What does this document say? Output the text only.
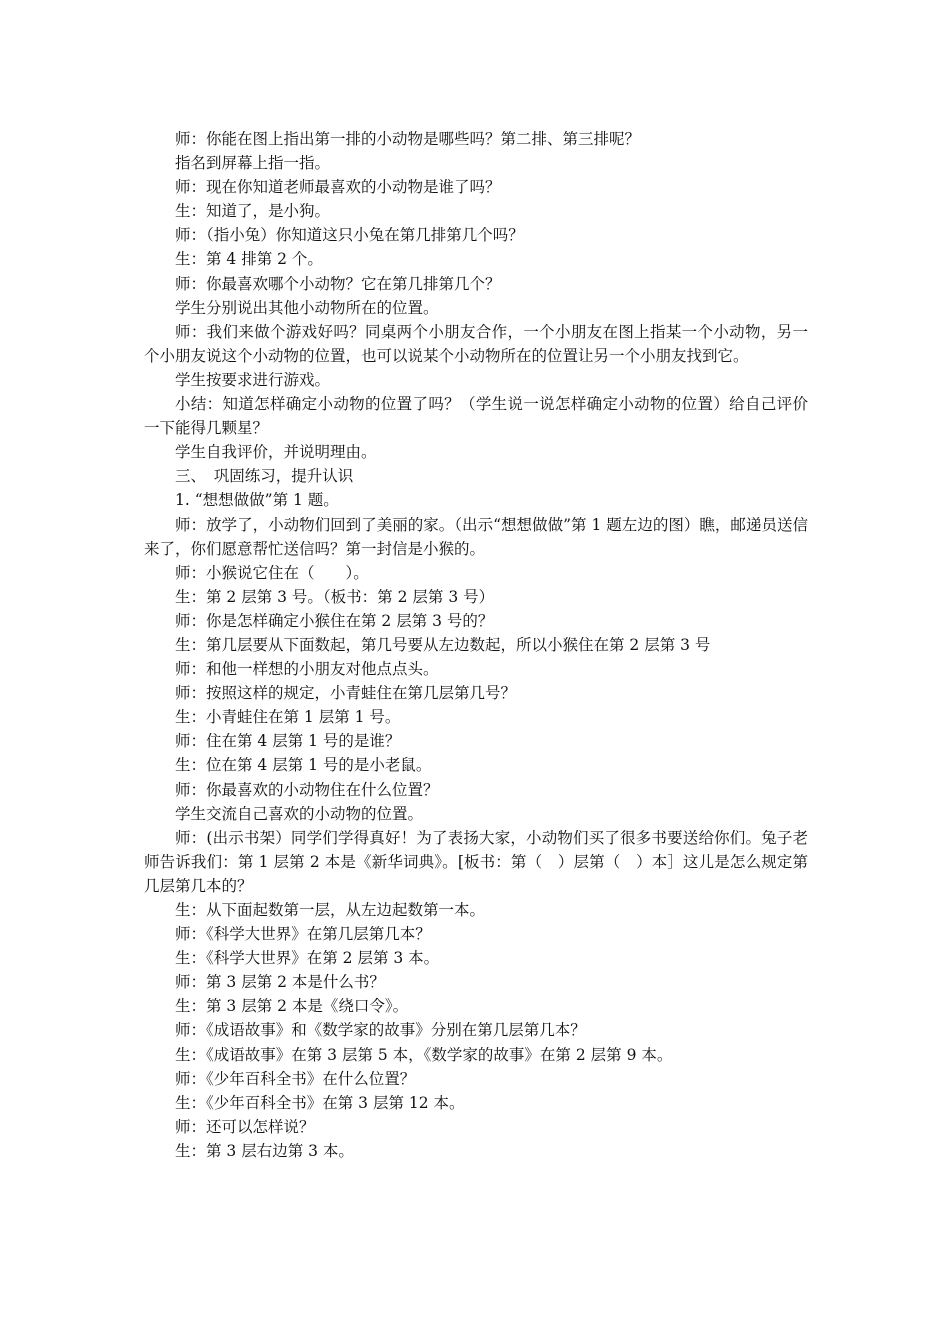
师：你能在图上指出第一排的小动物是哪些吗？第二排、第三排呢？

指名到屏幕上指一指。

师：现在你知道老师最喜欢的小动物是谁了吗？

生：知道了，是小狗。

师：（指小兔）你知道这只小兔在第几排第几个吗？

生：第 4 排第 2 个。

师：你最喜欢哪个小动物？它在第几排第几个？

学生分别说出其他小动物所在的位置。

师：我们来做个游戏好吗？同桌两个小朋友合作，一个小朋友在图上指某一个小动物，另一个小朋友说这个小动物的位置，也可以说某个小动物所在的位置让另一个小朋友找到它。

学生按要求进行游戏。

小结：知道怎样确定小动物的位置了吗？（学生说一说怎样确定小动物的位置）给自己评价一下能得几颗星？

学生自我评价，并说明理由。

三、　巩固练习，提升认识

1. “想想做做”第 1 题。

师：放学了，小动物们回到了美丽的家。（出示“想想做做”第 1 题左边的图）瞧，邮递员送信来了，你们愿意帮忙送信吗？第一封信是小猴的。

师：小猴说它住在（　　）。

生：第 2 层第 3 号。（板书：第 2 层第 3 号）

师：你是怎样确定小猴住在第 2 层第 3 号的？

生：第几层要从下面数起，第几号要从左边数起，所以小猴住在第 2 层第 3 号

师：和他一样想的小朋友对他点点头。

师：按照这样的规定，小青蛙住在第几层第几号？

生：小青蛙住在第 1 层第 1 号。

师：住在第 4 层第 1 号的是谁？

生：位在第 4 层第 1 号的是小老鼠。

师：你最喜欢的小动物住在什么位置？

学生交流自己喜欢的小动物的位置。

师：(出示书架）同学们学得真好！为了表扬大家，小动物们买了很多书要送给你们。兔子老师告诉我们：第 1 层第 2 本是《新华词典》。[板书：第（　）层第（　）本］这儿是怎么规定第几层第几本的？

生：从下面起数第一层，从左边起数第一本。

师：《科学大世界》在第几层第几本？

生：《科学大世界》在第 2 层第 3 本。

师：第 3 层第 2 本是什么书？

生：第 3 层第 2 本是《绕口令》。

师：《成语故事》和《数学家的故事》分别在第几层第几本？

生：《成语故事》在第 3 层第 5 本，《数学家的故事》在第 2 层第 9 本。

师：《少年百科全书》在什么位置？

生：《少年百科全书》在第 3 层第 12 本。

师：还可以怎样说？

生：第 3 层右边第 3 本。
